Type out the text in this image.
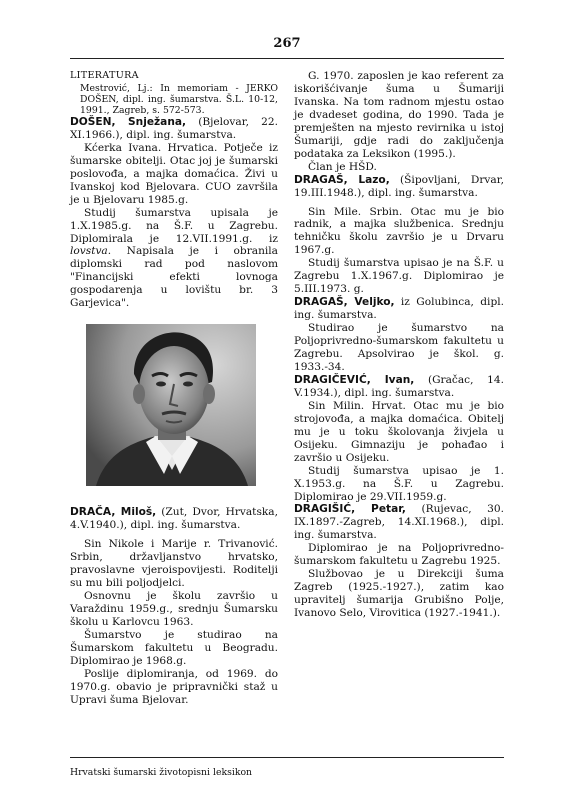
267

LITERATURA

Mestrović, Lj.: In memoriam - JERKO DOŠEN, dipl. ing. šumarstva. Š.L. 10-12, 1991., Zagreb, s. 572-573.

DOŠEN, Snježana, (Bjelovar, 22. XI.1966.), dipl. ing. šumarstva.

Kćerka Ivana. Hrvatica. Potječe iz šumarske obitelji. Otac joj je šumarski poslovođa, a majka domaćica. Živi u Ivanskoj kod Bjelovara. CUO završila je u Bjelovaru 1985.g.

Studij šumarstva upisala je 1.X.1985.g. na Š.F. u Zagrebu. Diplomirala je 12.VII.1991.g. iz lovstva. Napisala je i obranila diplomski rad pod naslovom "Financijski efekti lovnoga gospodarenja u lovištu br. 3 Garjevica".

DRAČA, Miloš, (Zut, Dvor, Hrvatska, 4.V.1940.), dipl. ing. šumarstva.

Sin Nikole i Marije r. Trivanović. Srbin, državljanstvo hrvatsko, pravoslavne vjeroispovijesti. Roditelji su mu bili poljodjelci.

Osnovnu je školu završio u Varaždinu 1959.g., srednju Šumarsku školu u Karlovcu 1963.

Šumarstvo je studirao na Šumarskom fakultetu u Beogradu. Diplomirao je 1968.g.

Poslije diplomiranja, od 1969. do 1970.g. obavio je pripravnički staž u Upravi šuma Bjelovar.

G. 1970. zaposlen je kao referent za iskorišćivanje šuma u Šumariji Ivanska. Na tom radnom mjestu ostao je dvadeset godina, do 1990. Tada je premješten na mjesto revirnika u istoj Šumariji, gdje radi do zaključenja podataka za Leksikon (1995.).

Član je HŠD.

DRAGAŠ, Lazo, (Šipovljani, Drvar, 19.III.1948.), dipl. ing. šumarstva.

Sin Mile. Srbin. Otac mu je bio radnik, a majka službenica. Srednju tehničku školu završio je u Drvaru 1967.g.

Studij šumarstva upisao je na Š.F. u Zagrebu 1.X.1967.g. Diplomirao je 5.III.1973. g.

DRAGAŠ, Veljko, iz Golubinca, dipl. ing. šumarstva.

Studirao je šumarstvo na Poljoprivredno-šumarskom fakultetu u Zagrebu. Apsolvirao je škol. g. 1933.-34.

DRAGIČEVIĆ, Ivan, (Gračac, 14. V.1934.), dipl. ing. šumarstva.

Sin Milin. Hrvat. Otac mu je bio strojovođa, a majka domaćica. Obitelj mu je u toku školovanja živjela u Osijeku. Gimnaziju je pohađao i završio u Osijeku.

Studij šumarstva upisao je 1. X.1953.g. na Š.F. u Zagrebu. Diplomirao je 29.VII.1959.g.

DRAGIŠIĆ, Petar, (Rujevac, 30. IX.1897.-Zagreb, 14.XI.1968.), dipl. ing. šumarstva.

Diplomirao je na Poljoprivredno-šumarskom fakultetu u Zagrebu 1925.

Službovao je u Direkciji šuma Zagreb (1925.-1927.), zatim kao upravitelj šumarija Grubišno Polje, Ivanovo Selo, Virovitica (1927.-1941.).

Hrvatski šumarski životopisni leksikon
